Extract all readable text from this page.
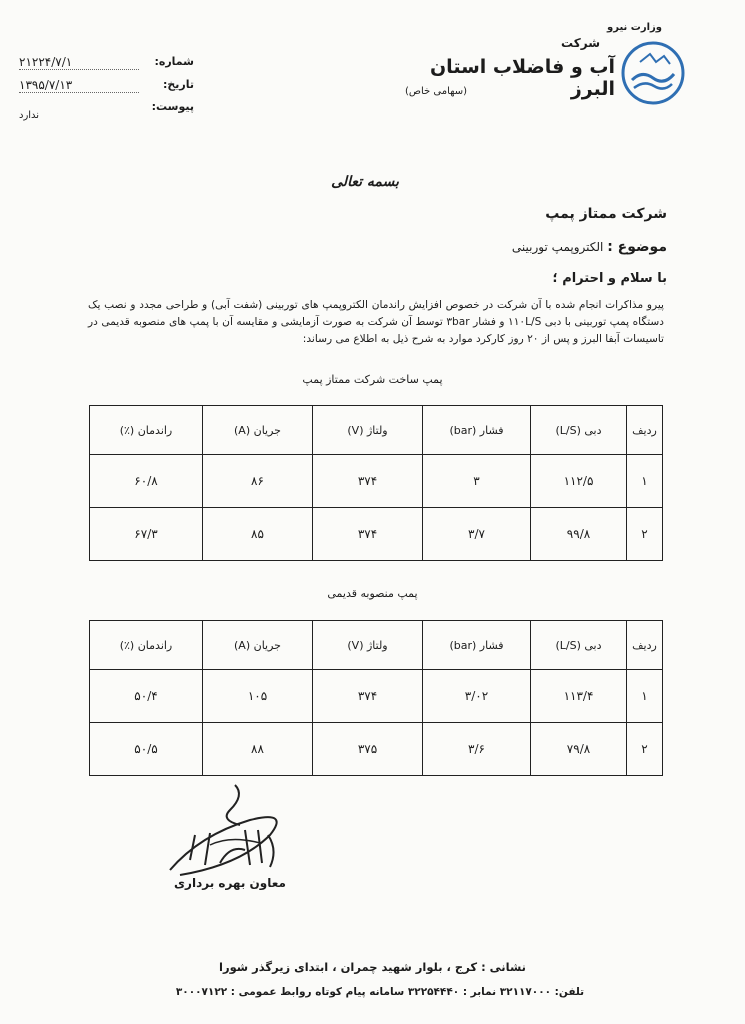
وزارت نیرو
شرکت
آب و فاضلاب استان البرز
(سهامی خاص)
شماره:
۲۱۲۲۴/۷/۱
تاریخ:
۱۳۹۵/۷/۱۳
پیوست:
ندارد
بسمه تعالی
شرکت ممتاز پمپ
موضوع : الکتروپمپ توربینی
با سلام و احترام ؛
پیرو مذاکرات انجام شده با آن شرکت در خصوص افزایش راندمان الکتروپمپ های توربینی (شفت آبی) و طراحی مجدد و نصب یک دستگاه پمپ توربینی با دبی ۱۱۰L/S و فشار ۳bar توسط آن شرکت به صورت آزمایشی و مقایسه آن با پمپ های منصوبه قدیمی در تاسیسات آبفا البرز و پس از ۲۰ روز کارکرد موارد به شرح ذیل به اطلاع می رساند:
پمپ ساخت شرکت ممتاز پمپ
ردیف	دبی (L/S)	فشار (bar)	ولتاژ (V)	جریان (A)	راندمان (٪)
۱	۱۱۲/۵	۳	۳۷۴	۸۶	۶۰/۸
۲	۹۹/۸	۳/۷	۳۷۴	۸۵	۶۷/۳
پمپ منصوبه قدیمی
ردیف	دبی (L/S)	فشار (bar)	ولتاژ (V)	جریان (A)	راندمان (٪)
۱	۱۱۳/۴	۳/۰۲	۳۷۴	۱۰۵	۵۰/۴
۲	۷۹/۸	۳/۶	۳۷۵	۸۸	۵۰/۵
معاون بهره برداری
نشانی : کرج ، بلوار شهید چمران ، ابتدای زیرگذر شورا
تلفن: ۳۲۱۱۷۰۰۰ نمابر : ۳۲۲۵۴۴۴۰ سامانه پیام کوتاه روابط عمومی : ۳۰۰۰۷۱۲۲
